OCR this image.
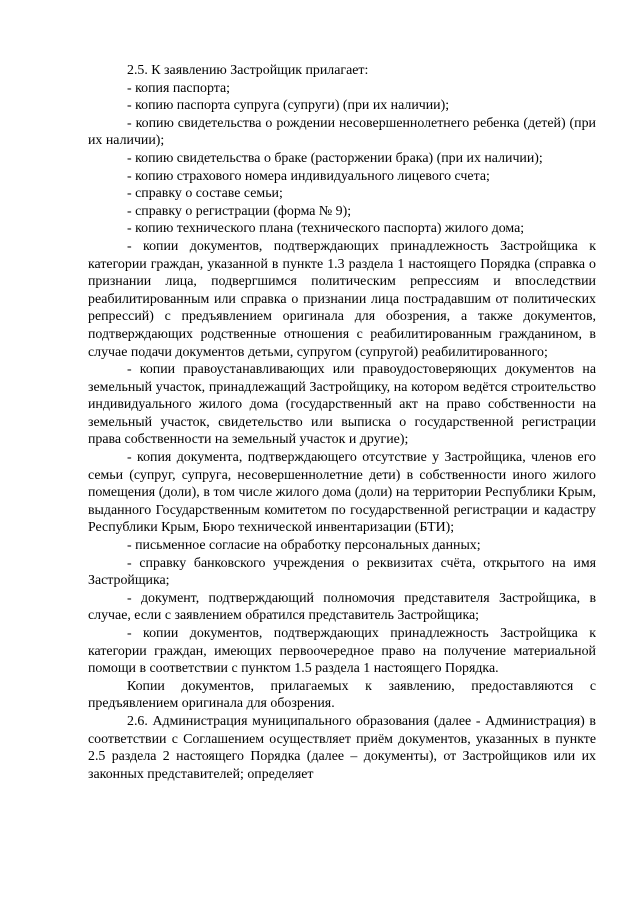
2.5. К заявлению Застройщик прилагает:

- копия паспорта;

- копию паспорта супруга (супруги) (при их наличии);

- копию свидетельства о рождении несовершеннолетнего ребенка (детей) (при их наличии);

- копию свидетельства о браке (расторжении брака) (при их наличии);

- копию страхового номера индивидуального лицевого счета;

- справку о составе семьи;

- справку о регистрации (форма № 9);

- копию технического плана (технического паспорта) жилого дома;

- копии документов, подтверждающих принадлежность Застройщика к категории граждан, указанной в пункте 1.3 раздела 1 настоящего Порядка (справка о признании лица, подвергшимся политическим репрессиям и впоследствии реабилитированным или справка о признании лица пострадавшим от политических репрессий) с предъявлением оригинала для обозрения, а также документов, подтверждающих родственные отношения с реабилитированным гражданином, в случае подачи документов детьми, супругом (супругой) реабилитированного;

- копии правоустанавливающих или правоудостоверяющих документов на земельный участок, принадлежащий Застройщику, на котором ведётся строительство индивидуального жилого дома (государственный акт на право собственности на земельный участок, свидетельство или выписка о государственной регистрации права собственности на земельный участок и другие);

- копия документа, подтверждающего отсутствие у Застройщика, членов его семьи (супруг, супруга, несовершеннолетние дети) в собственности иного жилого помещения (доли), в том числе жилого дома (доли) на территории Республики Крым, выданного Государственным комитетом по государственной регистрации и кадастру Республики Крым, Бюро технической инвентаризации (БТИ);

- письменное согласие на обработку персональных данных;

- справку банковского учреждения о реквизитах счёта, открытого на имя Застройщика;

- документ, подтверждающий полномочия представителя Застройщика, в случае, если с заявлением обратился представитель Застройщика;

- копии документов, подтверждающих принадлежность Застройщика к категории граждан, имеющих первоочередное право на получение материальной помощи в соответствии с пунктом 1.5 раздела 1 настоящего Порядка.

Копии документов, прилагаемых к заявлению, предоставляются с предъявлением оригинала для обозрения.

2.6. Администрация муниципального образования (далее - Администрация) в соответствии с Соглашением осуществляет приём документов, указанных в пункте 2.5 раздела 2 настоящего Порядка (далее – документы), от Застройщиков или их законных представителей; определяет
